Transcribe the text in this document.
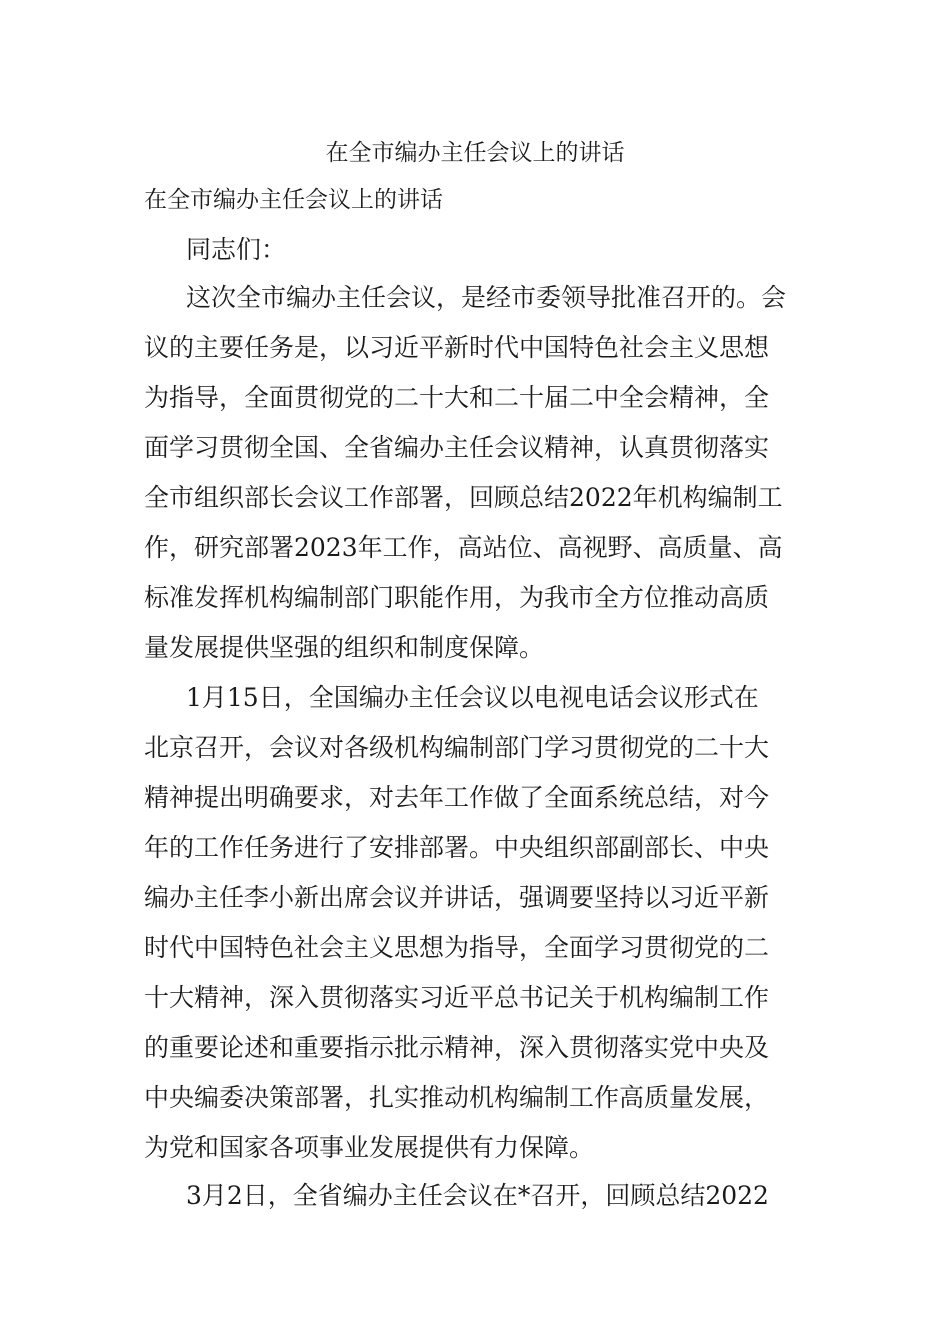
在全市编办主任会议上的讲话
在全市编办主任会议上的讲话
同志们：
这次全市编办主任会议，是经市委领导批准召开的。会
议的主要任务是，以习近平新时代中国特色社会主义思想
为指导，全面贯彻党的二十大和二十届二中全会精神，全
面学习贯彻全国、全省编办主任会议精神，认真贯彻落实
全市组织部长会议工作部署，回顾总结2022年机构编制工
作，研究部署2023年工作，高站位、高视野、高质量、高
标准发挥机构编制部门职能作用，为我市全方位推动高质
量发展提供坚强的组织和制度保障。
1月15日，全国编办主任会议以电视电话会议形式在
北京召开，会议对各级机构编制部门学习贯彻党的二十大
精神提出明确要求，对去年工作做了全面系统总结，对今
年的工作任务进行了安排部署。中央组织部副部长、中央
编办主任李小新出席会议并讲话，强调要坚持以习近平新
时代中国特色社会主义思想为指导，全面学习贯彻党的二
十大精神，深入贯彻落实习近平总书记关于机构编制工作
的重要论述和重要指示批示精神，深入贯彻落实党中央及
中央编委决策部署，扎实推动机构编制工作高质量发展，
为党和国家各项事业发展提供有力保障。
3月2日，全省编办主任会议在*召开，回顾总结2022
